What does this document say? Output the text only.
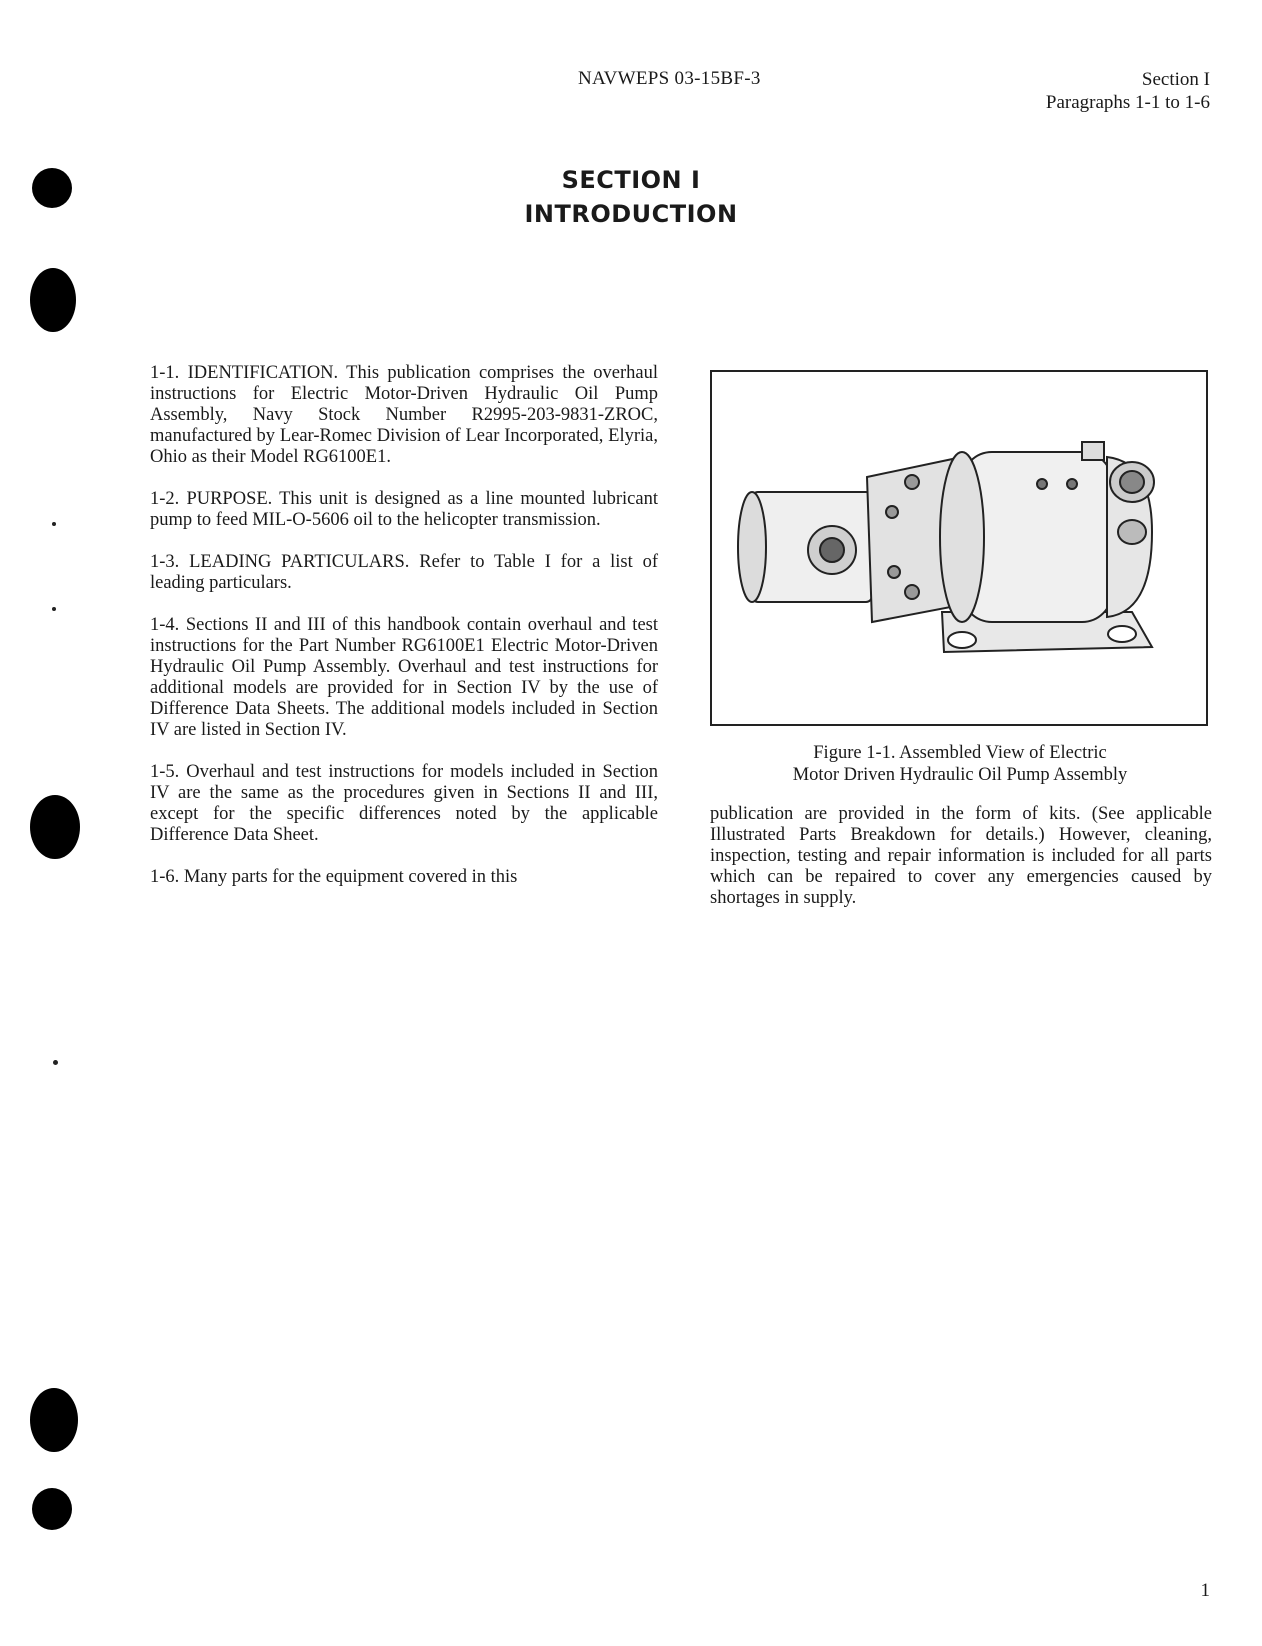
NAVWEPS 03-15BF-3	Section I
Paragraphs 1-1 to 1-6
SECTION I
INTRODUCTION

1-1. IDENTIFICATION. This publication comprises the overhaul instructions for Electric Motor-Driven Hydraulic Oil Pump Assembly, Navy Stock Number R2995-203-9831-ZROC, manufactured by Lear-Romec Division of Lear Incorporated, Elyria, Ohio as their Model RG6100E1.

1-2. PURPOSE. This unit is designed as a line mounted lubricant pump to feed MIL-O-5606 oil to the helicopter transmission.

1-3. LEADING PARTICULARS. Refer to Table I for a list of leading particulars.

1-4. Sections II and III of this handbook contain overhaul and test instructions for the Part Number RG6100E1 Electric Motor-Driven Hydraulic Oil Pump Assembly. Overhaul and test instructions for additional models are provided for in Section IV by the use of Difference Data Sheets. The additional models included in Section IV are listed in Section IV.

1-5. Overhaul and test instructions for models included in Section IV are the same as the procedures given in Sections II and III, except for the specific differences noted by the applicable Difference Data Sheet.

1-6. Many parts for the equipment covered in this

Figure 1-1. Assembled View of Electric
Motor Driven Hydraulic Oil Pump Assembly

publication are provided in the form of kits. (See applicable Illustrated Parts Breakdown for details.) However, cleaning, inspection, testing and repair information is included for all parts which can be repaired to cover any emergencies caused by shortages in supply.

1
